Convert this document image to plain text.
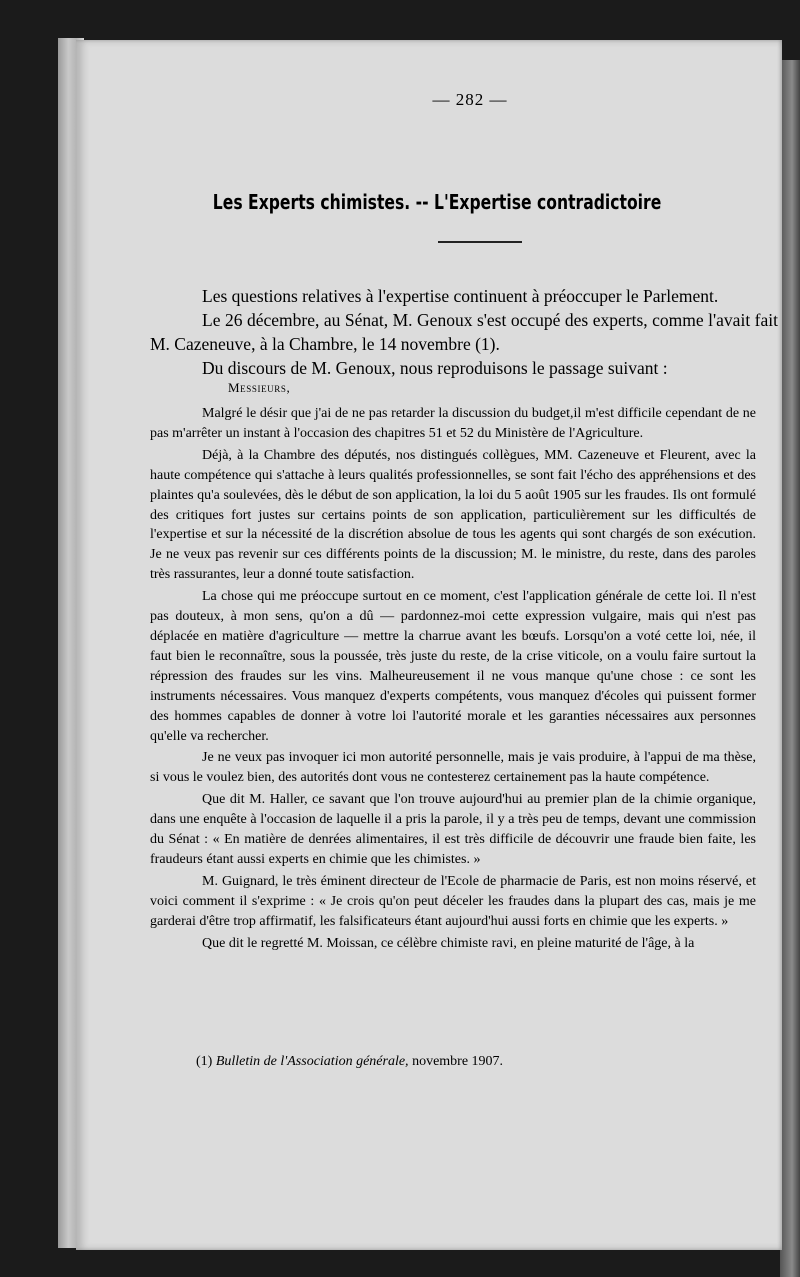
— 282 —
Les Experts chimistes. -- L'Expertise contradictoire

Les questions relatives à l'expertise continuent à préoccuper le Parlement.

Le 26 décembre, au Sénat, M. Genoux s'est occupé des experts, comme l'avait fait M. Cazeneuve, à la Chambre, le 14 novembre (1).

Du discours de M. Genoux, nous reproduisons le passage suivant :

Messieurs,

Malgré le désir que j'ai de ne pas retarder la discussion du budget,il m'est difficile cependant de ne pas m'arrêter un instant à l'occasion des chapitres 51 et 52 du Ministère de l'Agriculture.

Déjà, à la Chambre des députés, nos distingués collègues, MM. Cazeneuve et Fleurent, avec la haute compétence qui s'attache à leurs qualités professionnelles, se sont fait l'écho des appréhensions et des plaintes qu'a soulevées, dès le début de son application, la loi du 5 août 1905 sur les fraudes. Ils ont formulé des critiques fort justes sur certains points de son application, particulièrement sur les difficultés de l'expertise et sur la nécessité de la discrétion absolue de tous les agents qui sont chargés de son exécution. Je ne veux pas revenir sur ces différents points de la discussion; M. le ministre, du reste, dans des paroles très rassurantes, leur a donné toute satisfaction.

La chose qui me préoccupe surtout en ce moment, c'est l'application générale de cette loi. Il n'est pas douteux, à mon sens, qu'on a dû — pardonnez-moi cette expression vulgaire, mais qui n'est pas déplacée en matière d'agriculture — mettre la charrue avant les bœufs. Lorsqu'on a voté cette loi, née, il faut bien le reconnaître, sous la poussée, très juste du reste, de la crise viticole, on a voulu faire surtout la répression des fraudes sur les vins. Malheureusement il ne vous manque qu'une chose : ce sont les instruments nécessaires. Vous manquez d'experts compétents, vous manquez d'écoles qui puissent former des hommes capables de donner à votre loi l'autorité morale et les garanties nécessaires aux personnes qu'elle va rechercher.

Je ne veux pas invoquer ici mon autorité personnelle, mais je vais produire, à l'appui de ma thèse, si vous le voulez bien, des autorités dont vous ne contesterez certainement pas la haute compétence.

Que dit M. Haller, ce savant que l'on trouve aujourd'hui au premier plan de la chimie organique, dans une enquête à l'occasion de laquelle il a pris la parole, il y a très peu de temps, devant une commission du Sénat : « En matière de denrées alimentaires, il est très difficile de découvrir une fraude bien faite, les fraudeurs étant aussi experts en chimie que les chimistes. »

M. Guignard, le très éminent directeur de l'Ecole de pharmacie de Paris, est non moins réservé, et voici comment il s'exprime : « Je crois qu'on peut déceler les fraudes dans la plupart des cas, mais je me garderai d'être trop affirmatif, les falsificateurs étant aujourd'hui aussi forts en chimie que les experts. »

Que dit le regretté M. Moissan, ce célèbre chimiste ravi, en pleine maturité de l'âge, à la

(1) Bulletin de l'Association générale, novembre 1907.
